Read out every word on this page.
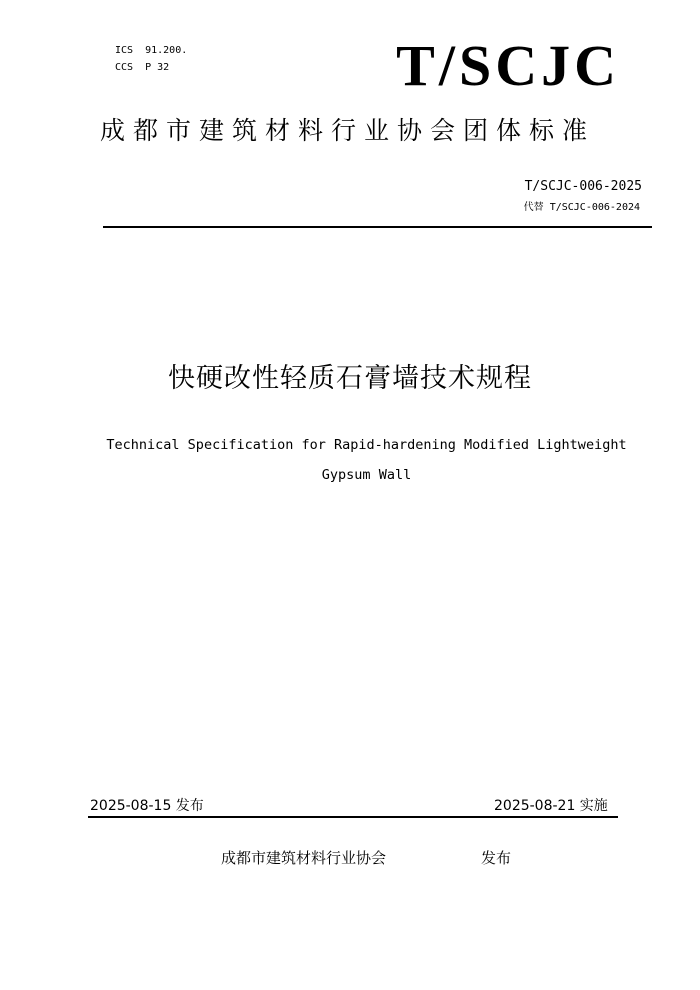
ICS  91.200.
CCS  P 32	T/SCJC
成都市建筑材料行业协会团体标准
T/SCJC-006-2025
代替 T/SCJC-006-2024
快硬改性轻质石膏墙技术规程
Technical Specification for Rapid-hardening Modified Lightweight
Gypsum Wall
2025-08-15 发布	2025-08-21 实施
成都市建筑材料行业协会	发布
